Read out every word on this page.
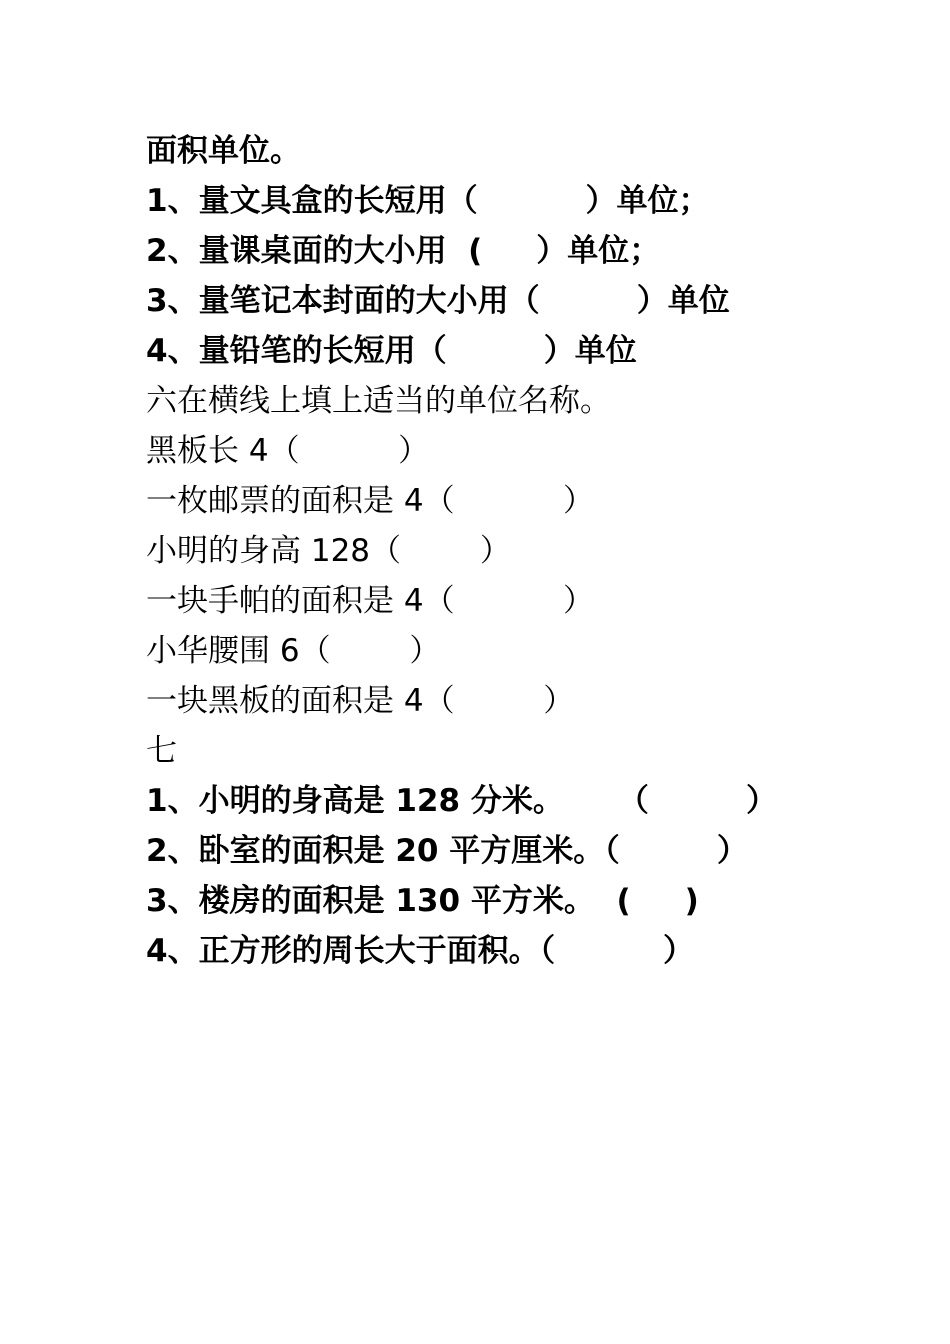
面积单位。
1、量文具盒的长短用（          ）单位；
2、量课桌面的大小用  (     ）单位；
3、量笔记本封面的大小用（         ）单位
4、量铅笔的长短用（         ）单位
六在横线上填上适当的单位名称。
黑板长 4（          ）
一枚邮票的面积是 4（           ）
小明的身高 128（        ）
一块手帕的面积是 4（           ）
小华腰围 6（        ）
一块黑板的面积是 4（         ）
七
1、小明的身高是 128 分米。     （         ）
2、卧室的面积是 20 平方厘米。（         ）
3、楼房的面积是 130 平方米。  (     )
4、正方形的周长大于面积。（          ）
